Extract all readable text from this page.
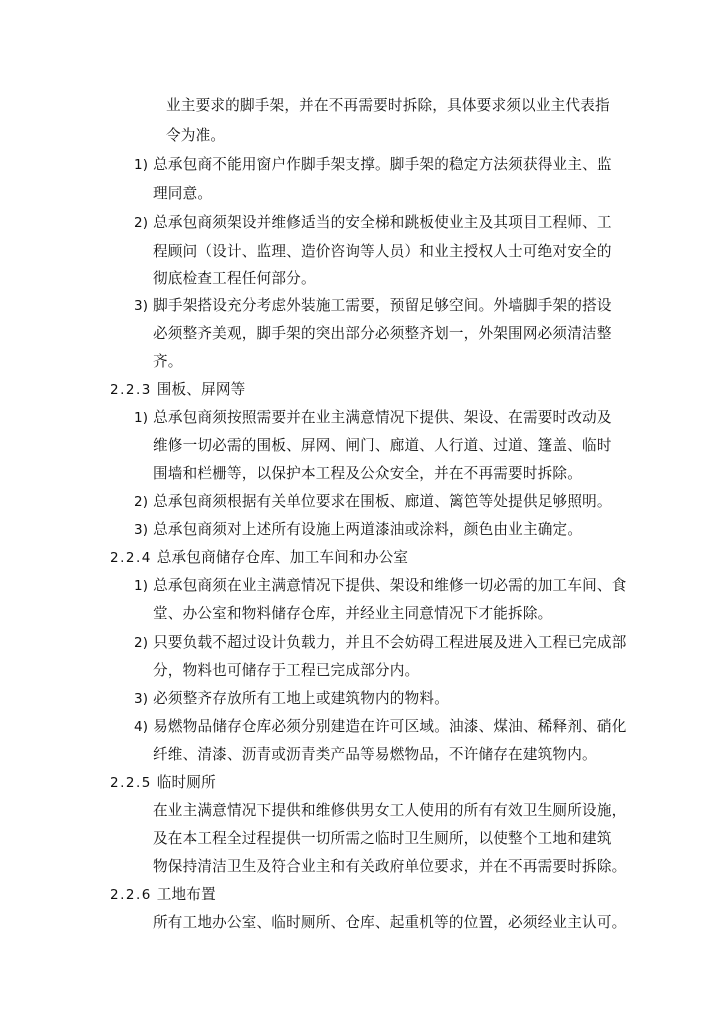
业主要求的脚手架，并在不再需要时拆除，具体要求须以业主代表指
令为准。
1) 总承包商不能用窗户作脚手架支撑。脚手架的稳定方法须获得业主、监
理同意。
2) 总承包商须架设并维修适当的安全梯和跳板使业主及其项目工程师、工
程顾问（设计、监理、造价咨询等人员）和业主授权人士可绝对安全的
彻底检查工程任何部分。
3) 脚手架搭设充分考虑外装施工需要，预留足够空间。外墙脚手架的搭设
必须整齐美观，脚手架的突出部分必须整齐划一，外架围网必须清洁整
齐。
2.2.3 围板、屏网等
1) 总承包商须按照需要并在业主满意情况下提供、架设、在需要时改动及
维修一切必需的围板、屏网、闸门、廊道、人行道、过道、篷盖、临时
围墙和栏栅等，以保护本工程及公众安全，并在不再需要时拆除。
2) 总承包商须根据有关单位要求在围板、廊道、篱笆等处提供足够照明。
3) 总承包商须对上述所有设施上两道漆油或涂料，颜色由业主确定。
2.2.4 总承包商储存仓库、加工车间和办公室
1) 总承包商须在业主满意情况下提供、架设和维修一切必需的加工车间、食
堂、办公室和物料储存仓库，并经业主同意情况下才能拆除。
2) 只要负载不超过设计负载力，并且不会妨碍工程进展及进入工程已完成部
分，物料也可储存于工程已完成部分内。
3) 必须整齐存放所有工地上或建筑物内的物料。
4) 易燃物品储存仓库必须分别建造在许可区域。油漆、煤油、稀释剂、硝化
纤维、清漆、沥青或沥青类产品等易燃物品，不许储存在建筑物内。
2.2.5 临时厕所
在业主满意情况下提供和维修供男女工人使用的所有有效卫生厕所设施，
及在本工程全过程提供一切所需之临时卫生厕所，以使整个工地和建筑
物保持清洁卫生及符合业主和有关政府单位要求，并在不再需要时拆除。
2.2.6 工地布置
所有工地办公室、临时厕所、仓库、起重机等的位置，必须经业主认可。
